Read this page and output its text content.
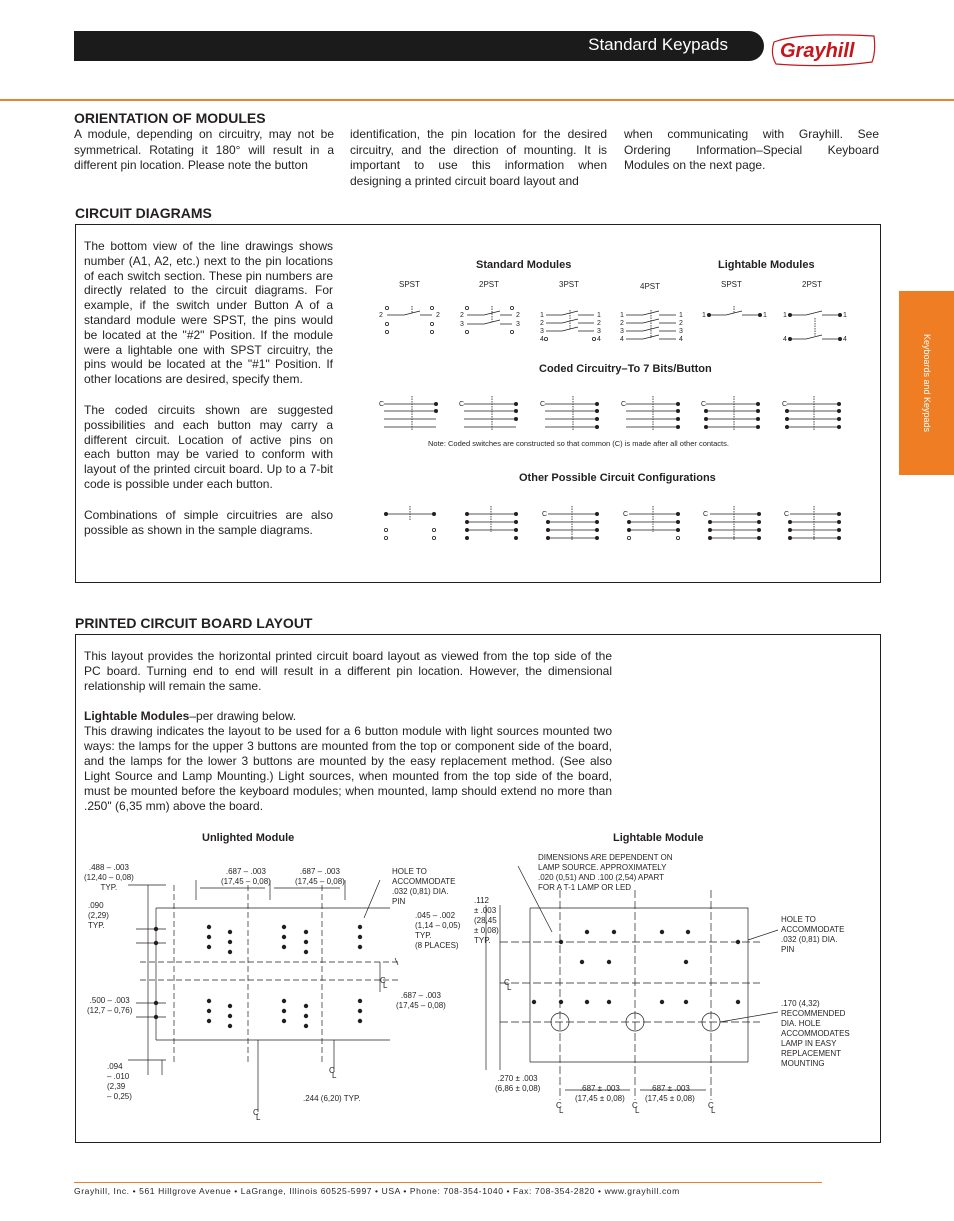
Standard Keypads	Grayhill
Keyboards and Keypads
ORIENTATION OF MODULES
A module, depending on circuitry, may not be symmetrical. Rotating it 180° will result in a different pin location. Please note the button
identification, the pin location for the desired circuitry, and the direction of mounting. It is important to use this information when designing a printed circuit board layout and
when communicating with Grayhill. See Ordering Information–Special Keyboard Modules on the next page.
CIRCUIT DIAGRAMS
The bottom view of the line drawings shows number (A1, A2, etc.) next to the pin locations of each switch section. These pin numbers are directly related to the circuit diagrams. For example, if the switch under Button A of a standard module were SPST, the pins would be located at the "#2" Position. If the module were a lightable one with SPST circuitry, the pins would be located at the "#1" Position. If other locations are desired, specify them.
The coded circuits shown are suggested possibilities and each button may carry a different circuit. Location of active pins on each button may be varied to conform with layout of the printed circuit board. Up to a 7-bit code is possible under each button.
Combinations of simple circuitries are also possible as shown in the sample diagrams.
Standard Modules	Lightable Modules
SPST	2PST	3PST	4PST	SPST	2PST
Coded Circuitry–To 7 Bits/Button
Note: Coded switches are constructed so that common (C) is made after all other contacts.
Other Possible Circuit Configurations
2	2	2
3
2
3
1
2
3
4
1
2
3
4
1
2
3
4
1
2
3
4
1	1 1	1
4	4
C	C	C	C	C	C
C	C	C	C
PRINTED CIRCUIT BOARD LAYOUT
This layout provides the horizontal printed circuit board layout as viewed from the top side of the PC board. Turning end to end will result in a different pin location. However, the dimensional relationship will remain the same.
Lightable Modules–per drawing below.
This drawing indicates the layout to be used for a 6 button module with light sources mounted two ways: the lamps for the upper 3 buttons are mounted from the top or component side of the board, and the lamps for the lower 3 buttons are mounted by the easy replacement method. (See also Light Source and Lamp Mounting.) Light sources, when mounted from the top side of the board, must be mounted before the keyboard modules; when mounted, lamp should extend no more than .250" (6,35 mm) above the board.
Unlighted Module	Lightable Module
.488 – .003
(12,40 – 0,08)
TYP.
.687 – .003
(17,45 – 0,08)
.687 – .003
(17,45 – 0,08)
HOLE TO
ACCOMMODATE
.032 (0,81) DIA.
PIN
.090
(2,29)
TYP.
.045 – .002
(1,14 – 0,05)
TYP.
(8 PLACES)
.500 – .003
(12,7 – 0,76)
.687 – .003
(17,45 – 0,08)
.094
– .010
(2,39
– 0,25)	.244 (6,20) TYP.
DIMENSIONS ARE DEPENDENT ON
LAMP SOURCE. APPROXIMATELY
.020 (0,51) AND .100 (2,54) APART
FOR A T-1 LAMP OR LED
.112
± .003
(28,45
± 0,08)
TYP.
HOLE TO
ACCOMMODATE
.032 (0,81) DIA.
PIN
.170 (4,32)
RECOMMENDED
DIA. HOLE
ACCOMMODATES
LAMP IN EASY
REPLACEMENT
MOUNTING
.270 ± .003
(6,86 ± 0,08)	.687 ± .003
(17,45 ± 0,08)
.687 ± .003
(17,45 ± 0,08)
C
L
C
L
C
L
C
L
C
L
C
L
C
L
Grayhill, Inc. • 561 Hillgrove Avenue • LaGrange, Illinois 60525-5997 • USA • Phone: 708-354-1040 • Fax: 708-354-2820 • www.grayhill.com
